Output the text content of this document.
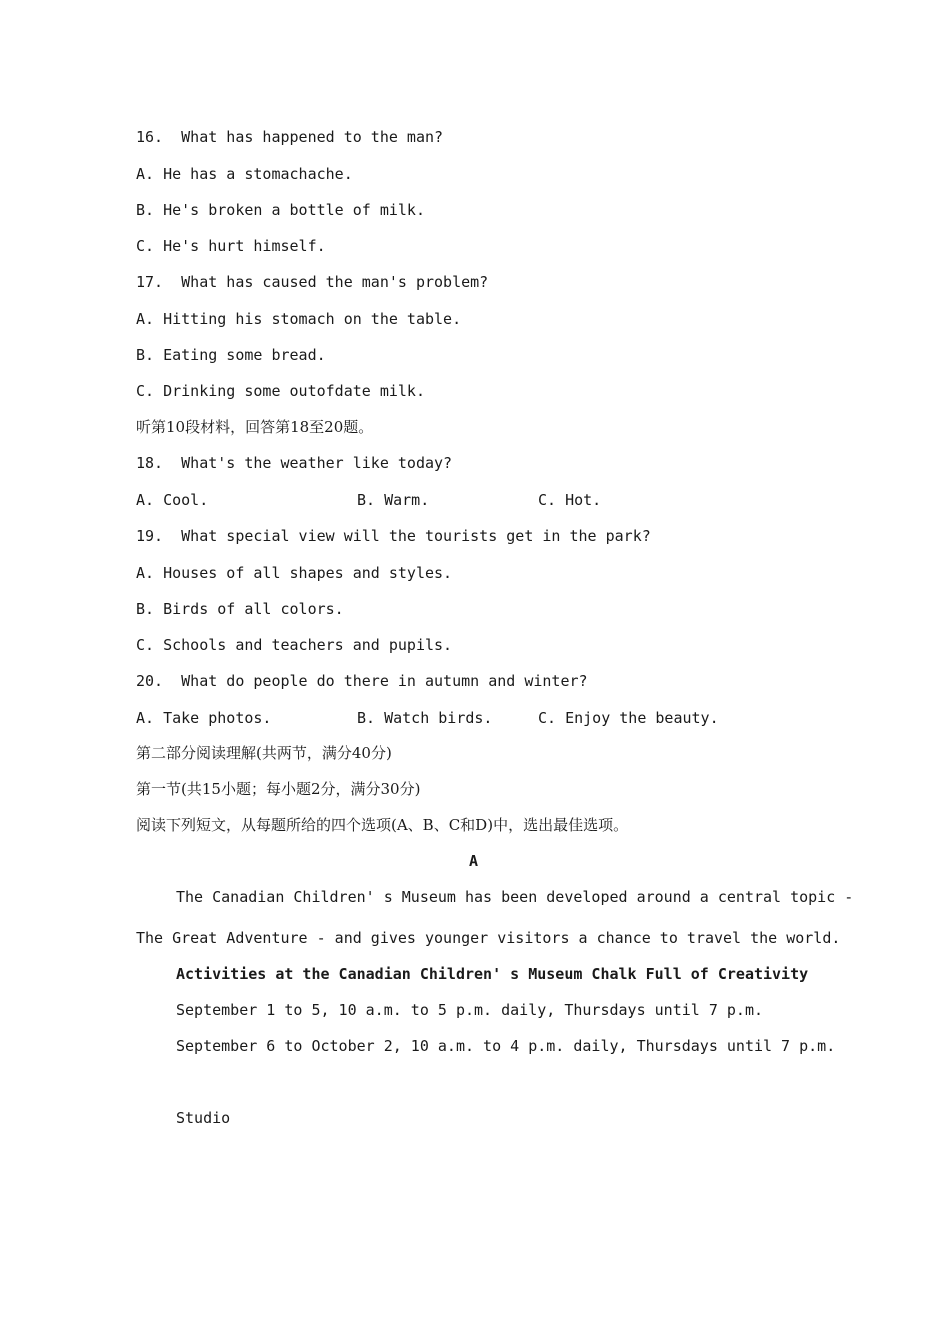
16.  What has happened to the man?
A. He has a stomachache.
B. He's broken a bottle of milk.
C. He's hurt himself.
17.  What has caused the man's problem?
A. Hitting his stomach on the table.
B. Eating some bread.
C. Drinking some outofdate milk.
听第10段材料，回答第18至20题。
18.  What's the weather like today?
A. Cool.	B. Warm.	C. Hot.
19.  What special view will the tourists get in the park?
A. Houses of all shapes and styles.
B. Birds of all colors.
C. Schools and teachers and pupils.
20.  What do people do there in autumn and winter?
A. Take photos.	B. Watch birds.	C. Enjoy the beauty.
第二部分阅读理解(共两节，满分40分)
第一节(共15小题；每小题2分，满分30分)
阅读下列短文，从每题所给的四个选项(A、B、C和D)中，选出最佳选项。
A
The Canadian Children' s Museum has been developed around a central topic -
The Great Adventure - and gives younger visitors a chance to travel the world.
Activities at the Canadian Children' s Museum Chalk Full of Creativity
September 1 to 5, 10 a.m. to 5 p.m. daily, Thursdays until 7 p.m.
September 6 to October 2, 10 a.m. to 4 p.m. daily, Thursdays until 7 p.m.
Studio
